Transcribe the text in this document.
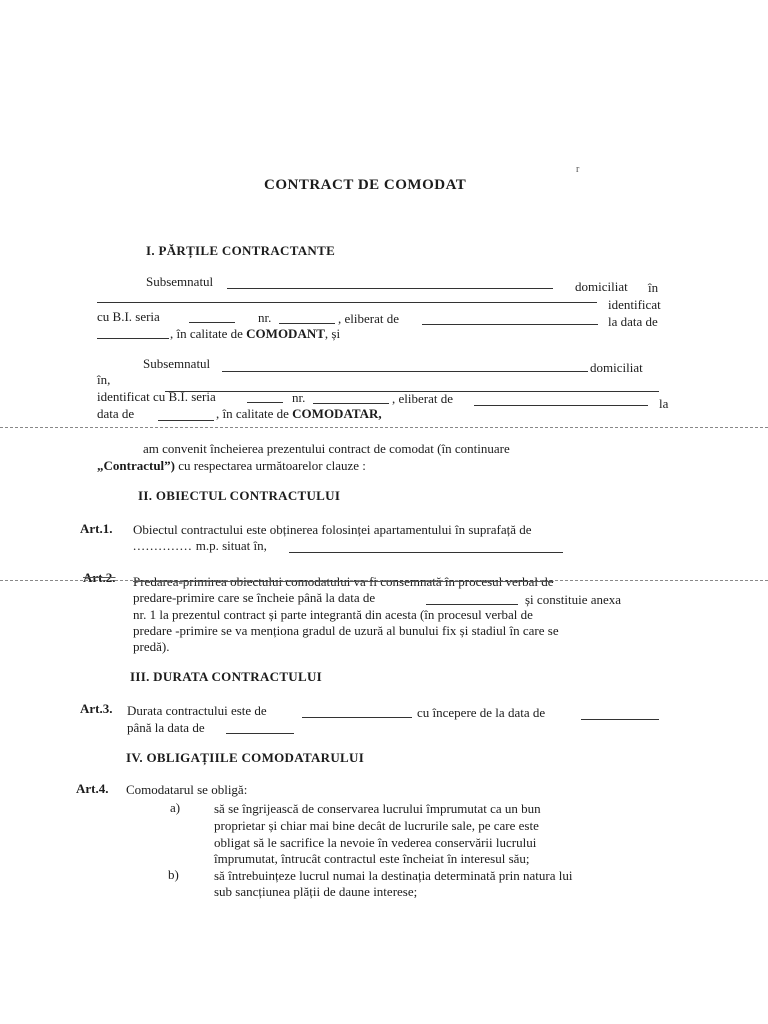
r
CONTRACT DE COMODAT
I. PĂRȚILE CONTRACTANTE
Subsemnatul	domiciliat în
identificat
cu B.I. seria	nr.	, eliberat de	la data de
, în calitate de COMODANT, și
Subsemnatul	domiciliat
în,
identificat cu B.I. seria	nr.	, eliberat de	la
data de	, în calitate de COMODATAR,
am convenit încheierea prezentului contract de comodat (în continuare
„Contractul”) cu respectarea următoarelor clauze :
II. OBIECTUL CONTRACTULUI
Art.1. Obiectul contractului este obținerea folosinței apartamentului în suprafață de
.............. m.p. situat în,
Art.2. Predarea-primirea obiectului comodatului va fi consemnată în procesul verbal de
predare-primire care se încheie până la data de	și constituie anexa
nr. 1 la prezentul contract și parte integrantă din acesta (în procesul verbal de
predare -primire se va menționa gradul de uzură al bunului fix și stadiul în care se
predă).
III. DURATA CONTRACTULUI
Art.3. Durata contractului este de	cu începere de la data de
până la data de
IV. OBLIGAȚIILE COMODATARULUI
Art.4. Comodatarul se obligă:
a)	să se îngrijească de conservarea lucrului împrumutat ca un bun
proprietar și chiar mai bine decât de lucrurile sale, pe care este
obligat să le sacrifice la nevoie în vederea conservării lucrului
împrumutat, întrucât contractul este încheiat în interesul său;
b)	să întrebuințeze lucrul numai la destinația determinată prin natura lui
sub sancțiunea plății de daune interese;
